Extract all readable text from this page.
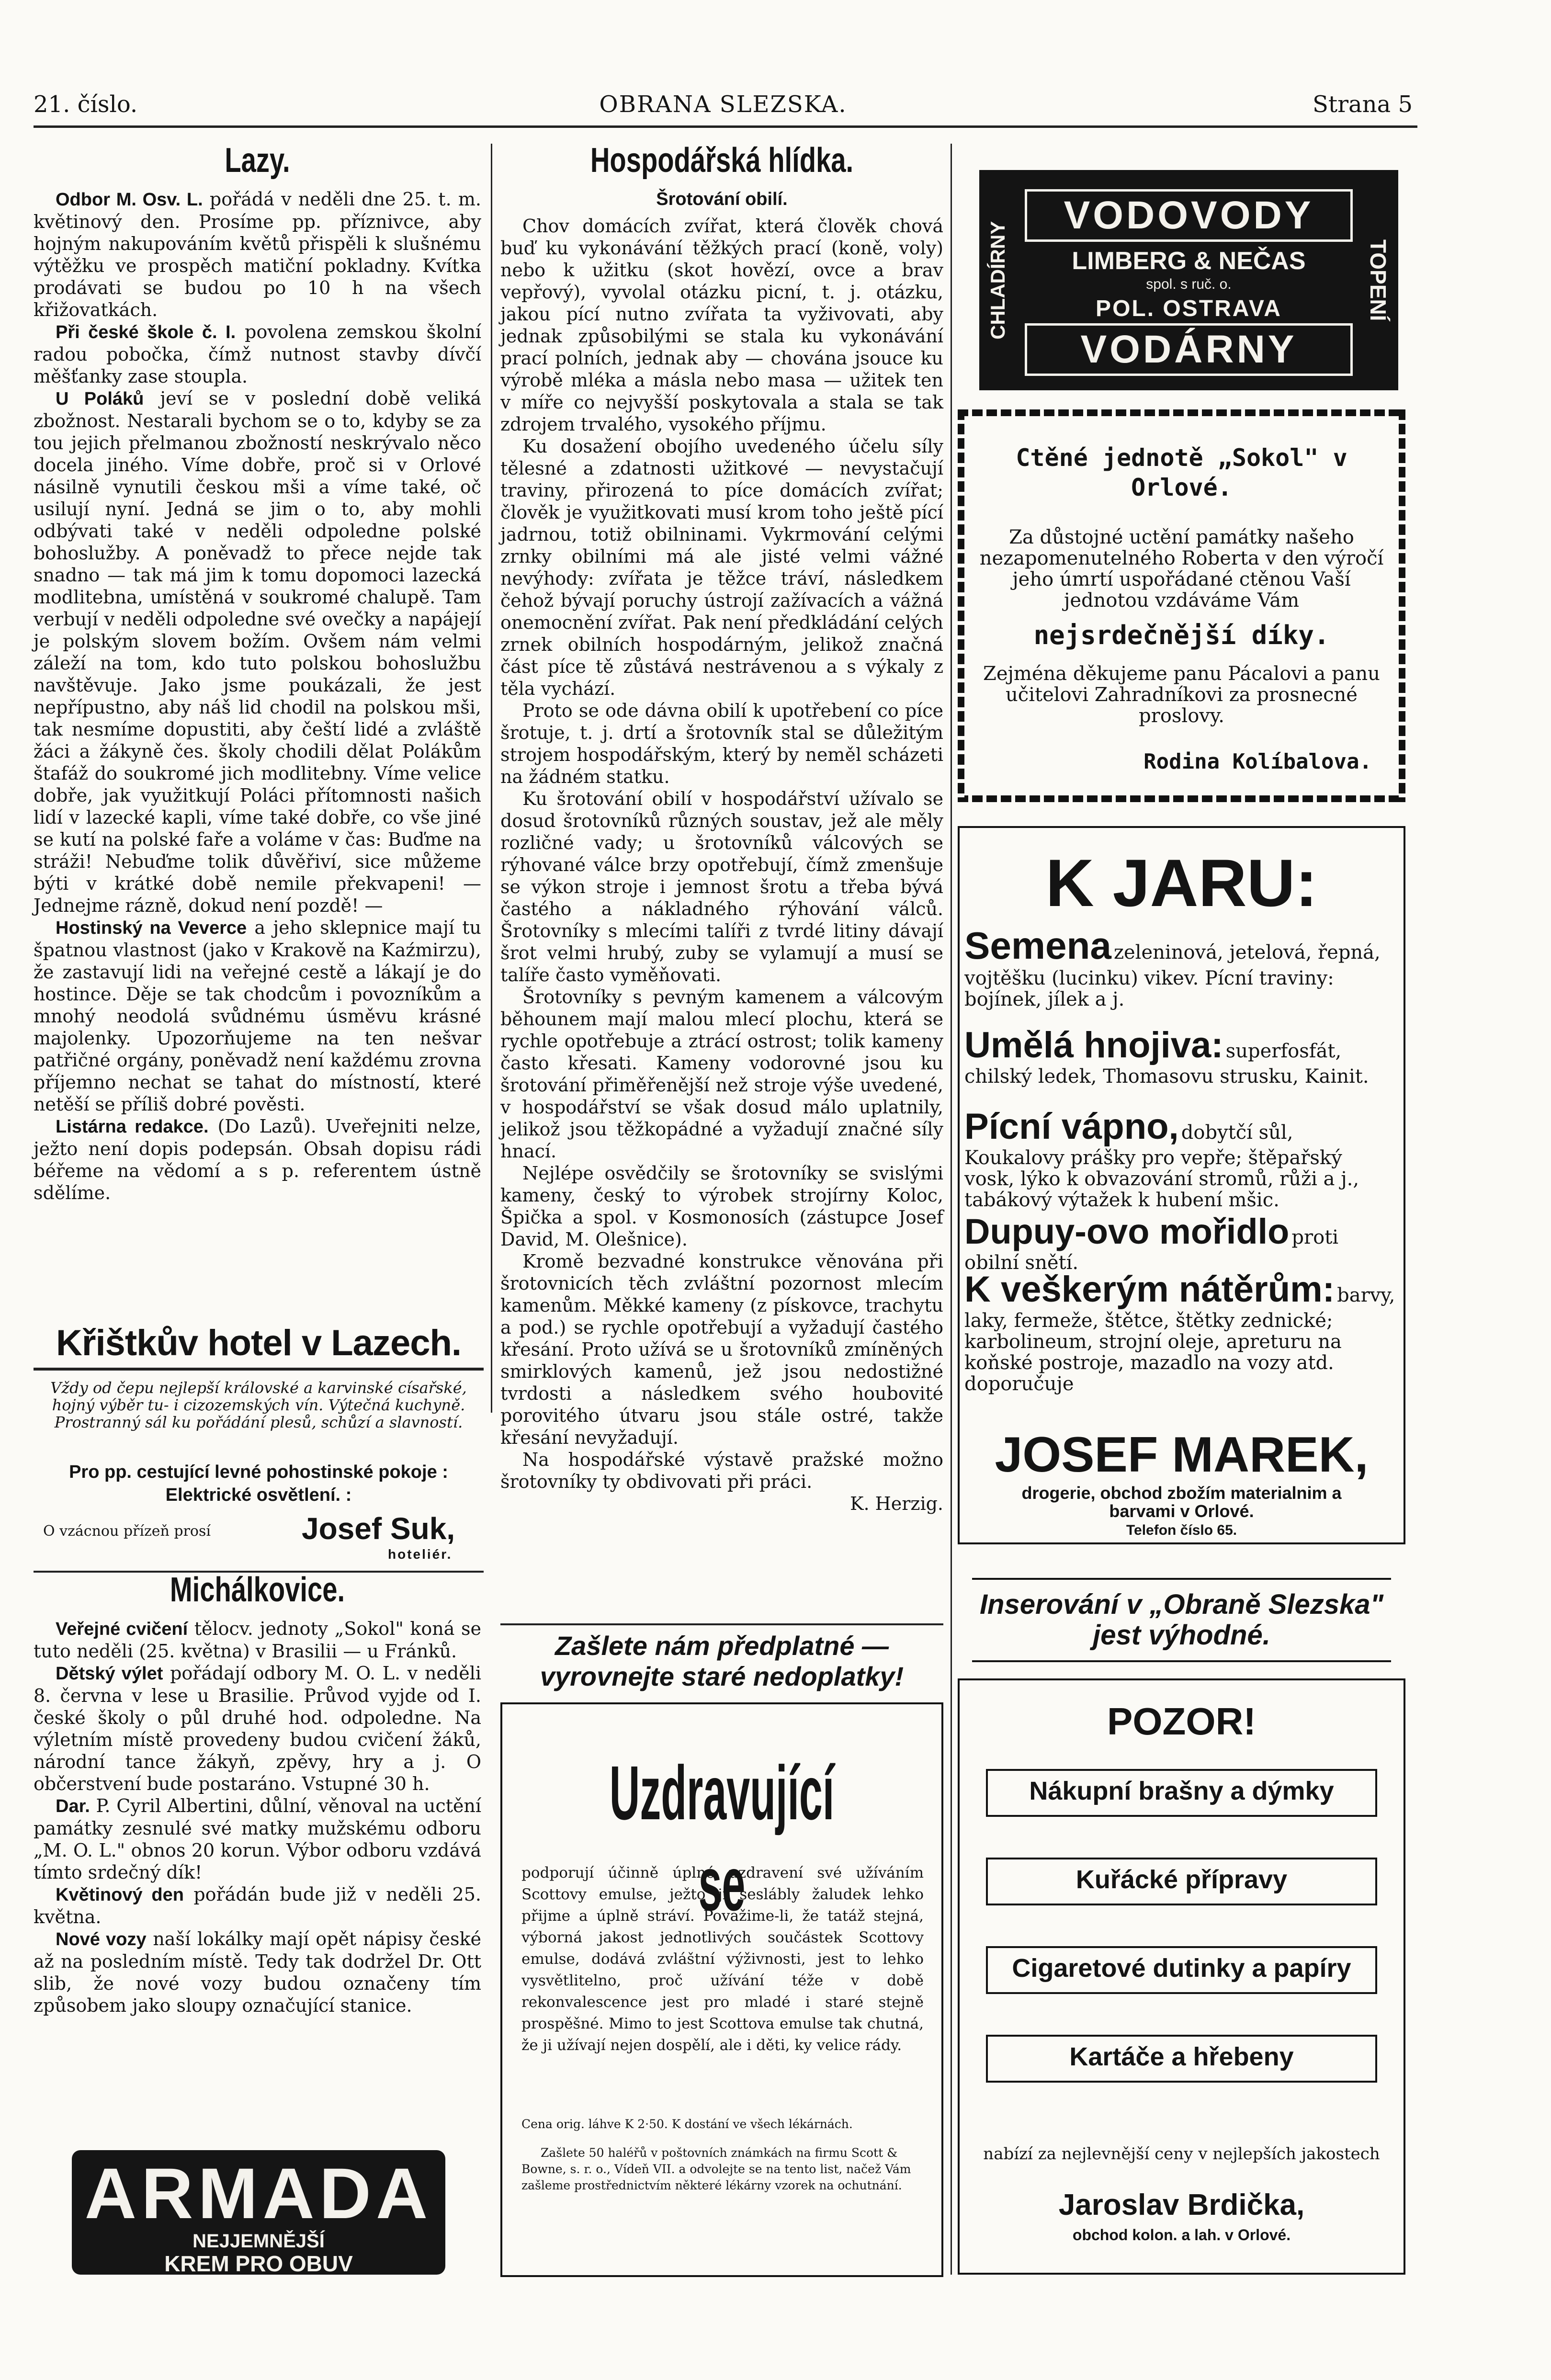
21. číslo.	OBRANA SLEZSKA.	Strana 5
Lazy.

Odbor M. Osv. L. pořádá v neděli dne 25. t. m. květinový den. Prosíme pp. příznivce, aby hojným nakupováním květů přispěli k slušnému výtěžku ve prospěch matiční pokladny. Kvítka prodávati se budou po 10 h na všech křižovatkách.

Při české škole č. I. povolena zemskou školní radou pobočka, čímž nutnost stavby dívčí měšťanky zase stoupla.

U Poláků jeví se v poslední době veliká zbožnost. Nestarali bychom se o to, kdyby se za tou jejich přelmanou zbožností neskrývalo něco docela jiného. Víme dobře, proč si v Orlové násilně vynutili českou mši a víme také, oč usilují nyní. Jedná se jim o to, aby mohli odbývati také v neděli odpoledne polské bohoslužby. A poněvadž to přece nejde tak snadno — tak má jim k tomu dopomoci lazecká modlitebna, umístěná v soukromé chalupě. Tam verbují v neděli odpoledne své ovečky a napájejí je polským slovem božím. Ovšem nám velmi záleží na tom, kdo tuto polskou bohoslužbu navštěvuje. Jako jsme poukázali, že jest nepřípustno, aby náš lid chodil na polskou mši, tak nesmíme dopustiti, aby čeští lidé a zvláště žáci a žákyně čes. školy chodili dělat Polákům štafáž do soukromé jich modlitebny. Víme velice dobře, jak využitkují Poláci přítomnosti našich lidí v lazecké kapli, víme také dobře, co vše jiné se kutí na polské faře a voláme v čas: Buďme na stráži! Nebuďme tolik důvěřiví, sice můžeme býti v krátké době nemile překvapeni! — Jednejme rázně, dokud není pozdě! —

Hostinský na Veverce a jeho sklepnice mají tu špatnou vlastnost (jako v Krakově na Kaźmirzu), že zastavují lidi na veřejné cestě a lákají je do hostince. Děje se tak chodcům i povozníkům a mnohý neodolá svůdnému úsměvu krásné majolenky. Upozorňujeme na ten nešvar patřičné orgány, poněvadž není každému zrovna příjemno nechat se tahat do místností, které netěší se příliš dobré pověsti.

Listárna redakce. (Do Lazů). Uveřejniti nelze, ježto není dopis podepsán. Obsah dopisu rádi béřeme na vědomí a s p. referentem ústně sdělíme.

Křištkův hotel v Lazech.
Vždy od čepu nejlepší královské a karvinské císařské, hojný výběr tu- i cizozemských vín. Výtečná kuchyně. Prostranný sál ku pořádání plesů, schůzí a slavností.
Pro pp. cestující levné pohostinské pokoje : Elektrické osvětlení. :
O vzácnou přízeň prosí	Josef Suk,
hoteliér.
Michálkovice.

Veřejné cvičení tělocv. jednoty „Sokol" koná se tuto neděli (25. května) v Brasilii — u Fránků.

Dětský výlet pořádají odbory M. O. L. v neděli 8. června v lese u Brasilie. Průvod vyjde od I. české školy o půl druhé hod. odpoledne. Na výletním místě provedeny budou cvičení žáků, národní tance žákyň, zpěvy, hry a j. O občerstvení bude postaráno. Vstupné 30 h.

Dar. P. Cyril Albertini, důlní, věnoval na uctění památky zesnulé své matky mužskému odboru „M. O. L." obnos 20 korun. Výbor odboru vzdává tímto srdečný dík!

Květinový den pořádán bude již v neděli 25. května.

Nové vozy naší lokálky mají opět nápisy české až na posledním místě. Tedy tak dodržel Dr. Ott slib, že nové vozy budou označeny tím způsobem jako sloupy označující stanice.

ARMADA
NEJJEMNĚJŠÍ
KREM PRO OBUV
Hospodářská hlídka.
Šrotování obilí.

Chov domácích zvířat, která člověk chová buď ku vykonávání těžkých prací (koně, voly) nebo k užitku (skot hovězí, ovce a brav vepřový), vyvolal otázku picní, t. j. otázku, jakou pící nutno zvířata ta vyživovati, aby jednak způsobilými se stala ku vykonávání prací polních, jednak aby — chována jsouce ku výrobě mléka a másla nebo masa — užitek ten v míře co nejvyšší poskytovala a stala se tak zdrojem trvalého, vysokého příjmu.

Ku dosažení obojího uvedeného účelu síly tělesné a zdatnosti užitkové — nevystačují traviny, přirozená to píce domácích zvířat; člověk je využitkovati musí krom toho ještě pící jadrnou, totiž obilninami. Vykrmování celými zrnky obilními má ale jisté velmi vážné nevýhody: zvířata je těžce tráví, následkem čehož bývají poruchy ústrojí zažívacích a vážná onemocnění zvířat. Pak není předkládání celých zrnek obilních hospodárným, jelikož značná část píce tě zůstává nestrávenou a s výkaly z těla vychází.

Proto se ode dávna obilí k upotřebení co píce šrotuje, t. j. drtí a šrotovník stal se důležitým strojem hospodářským, který by neměl scházeti na žádném statku.

Ku šrotování obilí v hospodářství užívalo se dosud šrotovníků různých soustav, jež ale měly rozličné vady; u šrotovníků válcových se rýhované válce brzy opotřebují, čímž zmenšuje se výkon strojе i jemnost šrotu a třeba bývá častého a nákladného rýhování válců. Šrotovníky s mlecími talíři z tvrdé litiny dávají šrot velmi hrubý, zuby se vylamují a musí se talíře často vyměňovati.

Šrotovníky s pevným kamenem a válcovým běhounem mají malou mlecí plochu, která se rychle opotřebuje a ztrácí ostrost; tolik kameny často křesati. Kameny vodorovné jsou ku šrotování přiměřenější než stroje výše uvedené, v hospodářství se však dosud málo uplatnily, jelikož jsou těžkopádné a vyžadují značné síly hnací.

Nejlépe osvědčily se šrotovníky se svislými kameny, český to výrobek strojírny Koloc, Špička a spol. v Kosmonosích (zástupce Josef David, M. Olešnice).

Kromě bezvadné konstrukce věnována při šrotovnicích těch zvláštní pozornost mlecím kamenům. Měkké kameny (z pískovce, trachytu a pod.) se rychle opotřebují a vyžadují častého křesání. Proto užívá se u šrotovníků zmíněných smirklových kamenů, jež jsou nedostižné tvrdosti a následkem svého houbovité porovitého útvaru jsou stále ostré, takže křesání nevyžadují.

Na hospodářské výstavě pražské možno šrotovníky ty obdivovati při prácі.

K. Herzig.
Zašlete nám předplatné — vyrovnejte staré nedoplatky!
Uzdravující se
podporují účinně úplné uzdravení své užíváním Scottovy emulse, ježto ji seslábly žaludek lehko přijme a úplně stráví. Považime-li, že tatáž stejná, výborná jakost jednotlivých součástek Scottovy emulse, dodává zvláštní výživnosti, jest to lehko vysvětlitelno, proč užívání téže v době rekonvalescence jest pro mladé i staré stejně prospěšné. Mimo to jest Scottova emulse tak chutná, že ji užívají nejen dospělí, ale i děti, ky velice rády.
Cena orig. láhve K 2·50. K dostání ve všech lékárnách.
Zašlete 50 haléřů v poštovních známkách na firmu Scott & Bowne, s. r. o., Vídeň VII. a odvolejte se na tento list, načež Vám zašleme prostřednictvím některé lékárny vzorek na ochutnání.
CHLADÍRNY	TOPENÍ
VODOVODY
LIMBERG & NEČAS
spol. s ruč. o.
POL. OSTRAVA
VODÁRNY
Ctěné jednotě „Sokol" v Orlové.
Za důstojné uctění památky našeho nezapomenutelného Roberta v den výročí jeho úmrtí uspořádané ctěnou Vaší jednotou vzdáváme Vám
nejsrdečnější díky.
Zejména děkujeme panu Pácalovi a panu učitelovi Zahradníkovi za prosnecné proslovy.
Rodina Kolíbalova.
K JARU:
Semena zeleninová, jetelová, řepná, vojtěšku (lucinku) vikev. Pícní traviny: bojínek, jílek a j.
Umělá hnojiva: superfosfát, chilský ledek, Thomasovu strusku, Kainit.
Pícní vápno, dobytčí sůl, Koukalovy prášky pro vepře; štěpařský vosk, lýko k obvazování stromů, růži a j., tabákový výtažek k hubení mšic.
Dupuy-ovo mořidlo proti obilní snětí.
K veškerým nátěrům: barvy, laky, fermeže, štětce, štětky zednické; karbolineum, strojní oleje, apreturu na koňské postroje, mazadlo na vozy atd. doporučuje
JOSEF MAREK,
drogerie, obchod zbožím materialnim a barvami v Orlové.
Telefon číslo 65.
Inserování v „Obraně Slezska" jest výhodné.
POZOR!
Nákupní brašny a dýmky
Kuřácké přípravy
Cigaretové dutinky a papíry
Kartáče a hřebeny
nabízí za nejlevnější ceny v nejlepších jakostech
Jaroslav Brdička,
obchod kolon. a lah. v Orlové.
